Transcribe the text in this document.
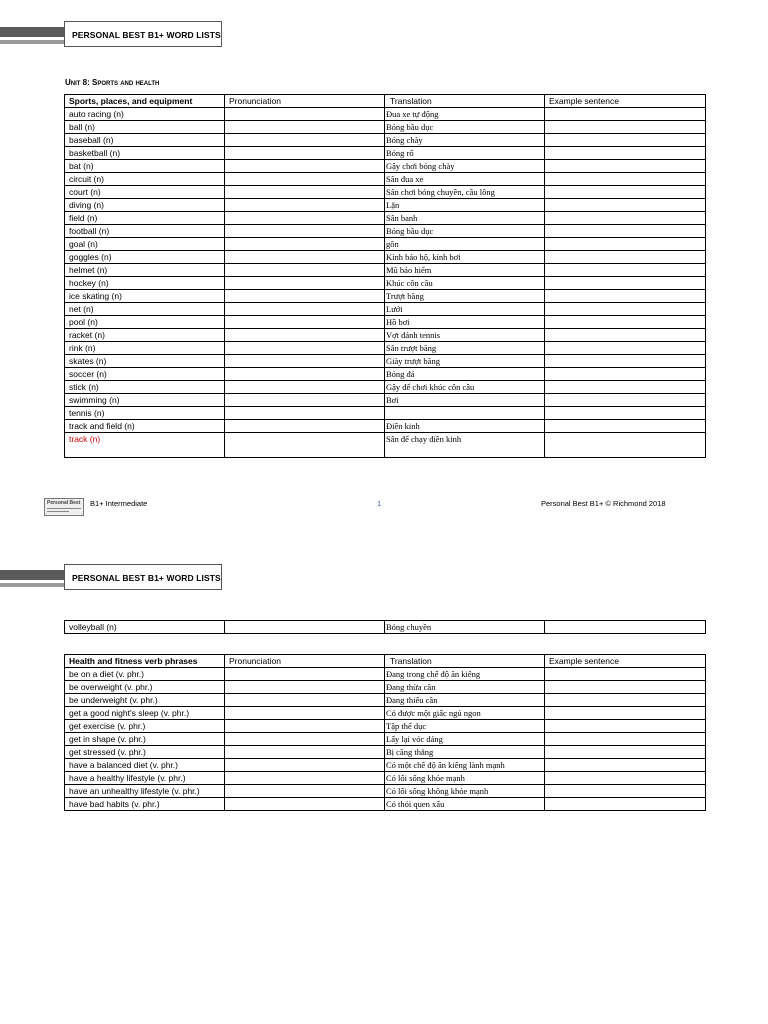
PERSONAL BEST B1+ WORD LISTS
Unit 8: Sports and health
Sports, places, and equipment	Pronunciation	Translation	Example sentence
auto racing (n)		Đua xe tự động	
ball (n)		Bóng bầu dục	
baseball (n)		Bóng chày	
basketball (n)		Bóng rổ	
bat (n)		Gậy chơi bóng chày	
circuit (n)		Sân đua xe	
court (n)		Sân chơi bóng chuyền, cầu lông	
diving (n)		Lặn	
field (n)		Sân banh	
football (n)		Bóng bầu dục	
goal (n)		gôn	
goggles (n)		Kính bảo hộ, kính bơi	
helmet (n)		Mũ bảo hiểm	
hockey (n)		Khúc côn cầu	
ice skating (n)		Trượt băng	
net (n)		Lưới	
pool (n)		Hồ bơi	
racket (n)		Vợt đánh tennis	
rink (n)		Sân trượt băng	
skates (n)		Giày trượt băng	
soccer (n)		Bóng đá	
stick (n)		Gậy để chơi khúc côn cầu	
swimming (n)		Bơi	
tennis (n)			
track and field (n)		Điền kinh	
track (n)		Sân để chạy điền kinh	
Personal Best B1+ Intermediate	1	Personal Best B1+ © Richmond 2018
PERSONAL BEST B1+ WORD LISTS
volleyball (n)		Bóng chuyền	
Health and fitness verb phrases	Pronunciation	Translation	Example sentence
be on a diet (v. phr.)		Đang trong chế độ ăn kiêng	
be overweight (v. phr.)		Đang thừa cân	
be underweight (v. phr.)		Đang thiếu cân	
get a good night's sleep (v. phr.)		Có được một giấc ngủ ngon	
get exercise (v. phr.)		Tập thể dục	
get in shape (v. phr.)		Lấy lại vóc dáng	
get stressed (v. phr.)		Bị căng thẳng	
have a balanced diet (v. phr.)		Có một chế độ ăn kiêng lành mạnh	
have a healthy lifestyle (v. phr.)		Có lối sống khỏe mạnh	
have an unhealthy lifestyle (v. phr.)		Có lối sống không khỏe mạnh	
have bad habits (v. phr.)		Có thói quen xấu	
